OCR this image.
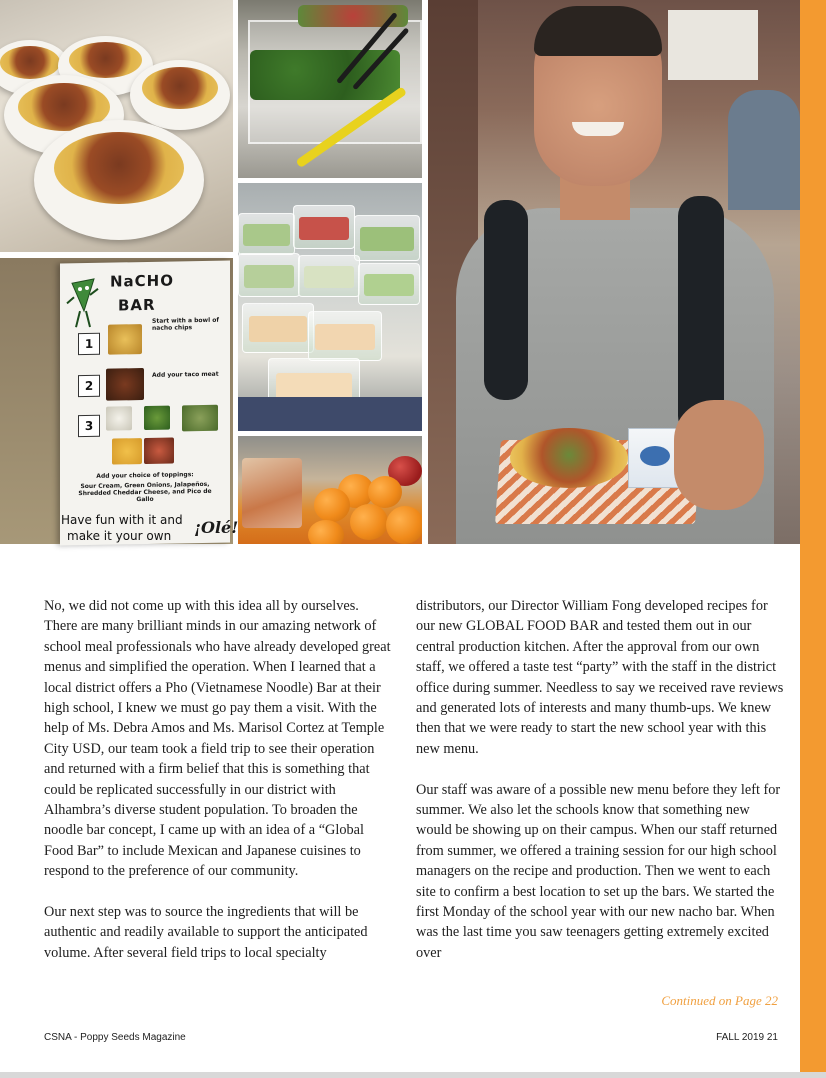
NaCHO
BAR
1
Start with a bowl of nacho chips
2
Add your taco meat
3
Add your choice of toppings:
Sour Cream, Green Onions, Jalapeños, Shredded Cheddar Cheese, and Pico de Gallo
Have fun with it and
make it your own ¡Olé!

No, we did not come up with this idea all by ourselves. There are many brilliant minds in our amazing network of school meal professionals who have already developed great menus and simplified the operation. When I learned that a local district offers a Pho (Vietnamese Noodle) Bar at their high school, I knew we must go pay them a visit. With the help of Ms. Debra Amos and Ms. Marisol Cortez at Temple City USD, our team took a field trip to see their operation and returned with a firm belief that this is something that could be replicated successfully in our district with Alhambra’s diverse student population. To broaden the noodle bar concept, I came up with an idea of a “Global Food Bar” to include Mexican and Japanese cuisines to respond to the preference of our community.

Our next step was to source the ingredients that will be authentic and readily available to support the anticipated volume. After several field trips to local specialty

distributors, our Director William Fong developed recipes for our new GLOBAL FOOD BAR and tested them out in our central production kitchen. After the approval from our own staff, we offered a taste test “party” with the staff in the district office during summer. Needless to say we received rave reviews and generated lots of interests and many thumb-ups. We knew then that we were ready to start the new school year with this new menu.

Our staff was aware of a possible new menu before they left for summer. We also let the schools know that something new would be showing up on their campus. When our staff returned from summer, we offered a training session for our high school managers on the recipe and production. Then we went to each site to confirm a best location to set up the bars. We started the first Monday of the school year with our new nacho bar. When was the last time you saw teenagers getting extremely excited over

Continued on Page 22
CSNA - Poppy Seeds Magazine	FALL 2019 21
